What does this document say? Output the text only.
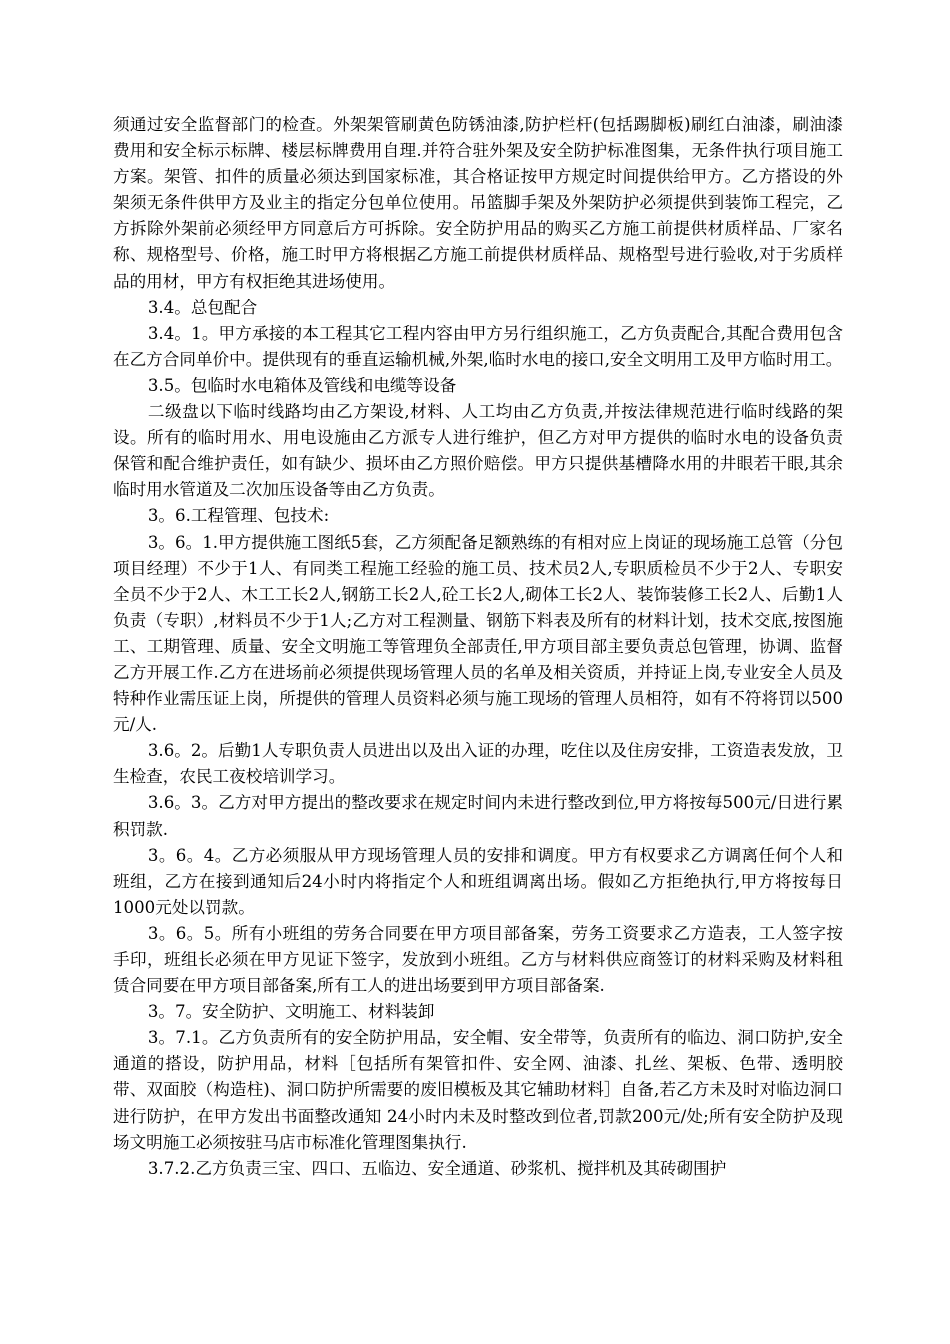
须通过安全监督部门的检查。外架架管刷黄色防锈油漆,防护栏杆(包括踢脚板)刷红白油漆，刷油漆费用和安全标示标牌、楼层标牌费用自理.并符合驻外架及安全防护标准图集，无条件执行项目施工方案。架管、扣件的质量必须达到国家标准，其合格证按甲方规定时间提供给甲方。乙方搭设的外架须无条件供甲方及业主的指定分包单位使用。吊篮脚手架及外架防护必须提供到装饰工程完，乙方拆除外架前必须经甲方同意后方可拆除。安全防护用品的购买乙方施工前提供材质样品、厂家名称、规格型号、价格，施工时甲方将根据乙方施工前提供材质样品、规格型号进行验收,对于劣质样品的用材，甲方有权拒绝其进场使用。

3.4。总包配合

3.4。1。甲方承接的本工程其它工程内容由甲方另行组织施工，乙方负责配合,其配合费用包含在乙方合同单价中。提供现有的垂直运输机械,外架,临时水电的接口,安全文明用工及甲方临时用工。

3.5。包临时水电箱体及管线和电缆等设备

二级盘以下临时线路均由乙方架设,材料、人工均由乙方负责,并按法律规范进行临时线路的架设。所有的临时用水、用电设施由乙方派专人进行维护，但乙方对甲方提供的临时水电的设备负责保管和配合维护责任，如有缺少、损坏由乙方照价赔偿。甲方只提供基槽降水用的井眼若干眼,其余临时用水管道及二次加压设备等由乙方负责。

3。6.工程管理、包技术:

3。6。1.甲方提供施工图纸5套，乙方须配备足额熟练的有相对应上岗证的现场施工总管（分包项目经理）不少于1人、有同类工程施工经验的施工员、技术员2人,专职质检员不少于2人、专职安全员不少于2人、木工工长2人,钢筋工长2人,砼工长2人,砌体工长2人、装饰装修工长2人、后勤1人负责（专职）,材料员不少于1人;乙方对工程测量、钢筋下料表及所有的材料计划，技术交底,按图施工、工期管理、质量、安全文明施工等管理负全部责任,甲方项目部主要负责总包管理，协调、监督乙方开展工作.乙方在进场前必须提供现场管理人员的名单及相关资质，并持证上岗,专业安全人员及特种作业需压证上岗，所提供的管理人员资料必须与施工现场的管理人员相符，如有不符将罚以500元/人.

3.6。2。后勤1人专职负责人员进出以及出入证的办理，吃住以及住房安排，工资造表发放，卫生检查，农民工夜校培训学习。

3.6。3。乙方对甲方提出的整改要求在规定时间内未进行整改到位,甲方将按每500元/日进行累积罚款.

3。6。4。乙方必须服从甲方现场管理人员的安排和调度。甲方有权要求乙方调离任何个人和班组，乙方在接到通知后24小时内将指定个人和班组调离出场。假如乙方拒绝执行,甲方将按每日1000元处以罚款。

3。6。5。所有小班组的劳务合同要在甲方项目部备案，劳务工资要求乙方造表，工人签字按手印，班组长必须在甲方见证下签字，发放到小班组。乙方与材料供应商签订的材料采购及材料租赁合同要在甲方项目部备案,所有工人的进出场要到甲方项目部备案.

3。7。安全防护、文明施工、材料装卸

3。7.1。乙方负责所有的安全防护用品，安全帽、安全带等，负责所有的临边、洞口防护,安全通道的搭设，防护用品，材料［包括所有架管扣件、安全网、油漆、扎丝、架板、色带、透明胶带、双面胶（构造柱)、洞口防护所需要的废旧模板及其它辅助材料］自备,若乙方未及时对临边洞口进行防护，在甲方发出书面整改通知 24小时内未及时整改到位者,罚款200元/处;所有安全防护及现场文明施工必须按驻马店市标准化管理图集执行.

3.7.2.乙方负责三宝、四口、五临边、安全通道、砂浆机、搅拌机及其砖砌围护
